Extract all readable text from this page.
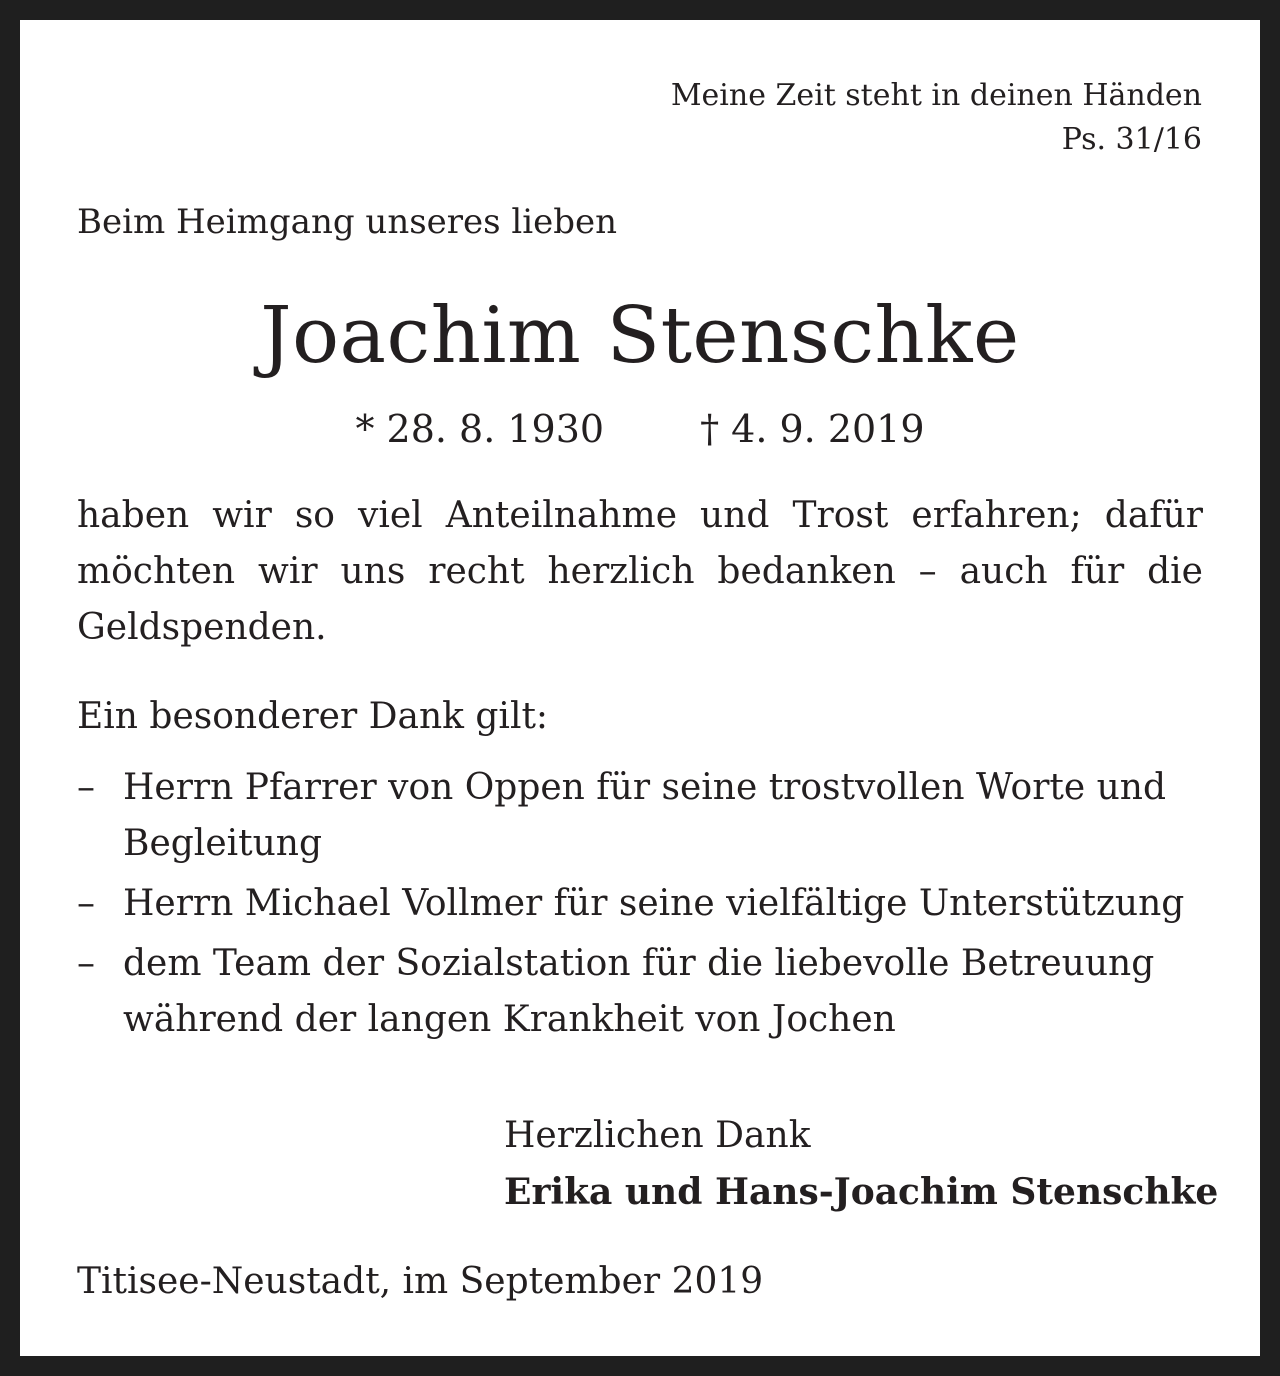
Meine Zeit steht in deinen Händen
Ps. 31/16

Beim Heimgang unseres lieben

Joachim Stenschke
* 28. 8. 1930	† 4. 9. 2019

haben wir so viel Anteilnahme und Trost erfahren; dafür möchten wir uns recht herzlich bedanken – auch für die Geldspenden.

Ein besonderer Dank gilt:

– Herrn Pfarrer von Oppen für seine trostvollen Worte und Begleitung
– Herrn Michael Vollmer für seine vielfältige Unterstützung
– dem Team der Sozialstation für die liebevolle Betreuung während der langen Krankheit von Jochen
Herzlichen Dank
Erika und Hans-Joachim Stenschke

Titisee-Neustadt, im September 2019
